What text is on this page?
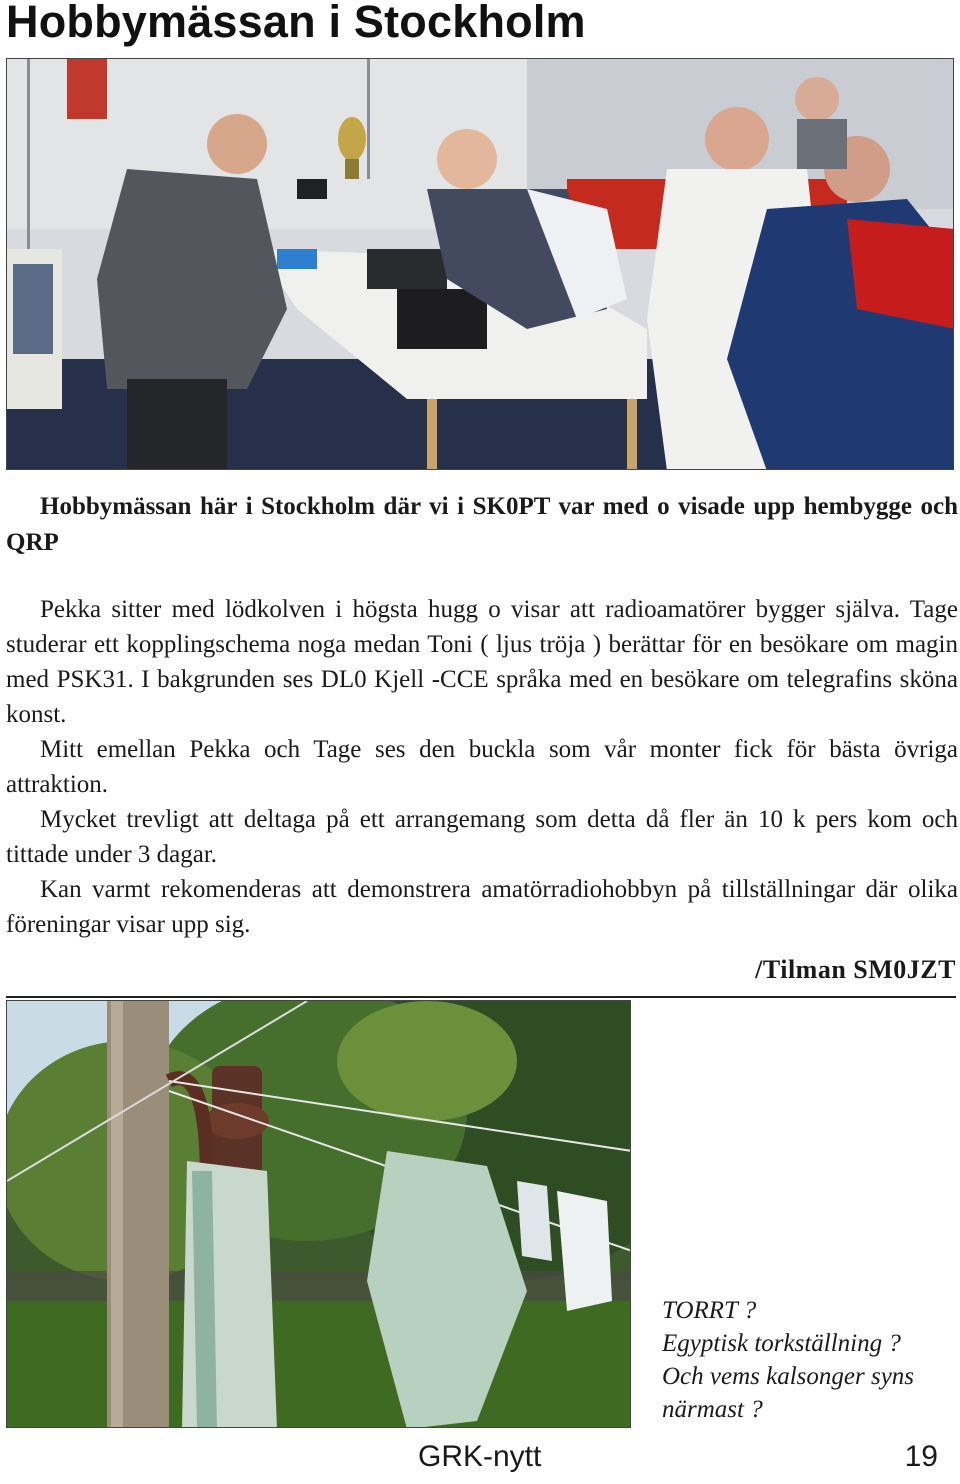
Hobbymässan i Stockholm

Hobbymässan här i Stockholm där vi i SK0PT var med o visade upp hembygge och QRP

Pekka sitter med lödkolven i högsta hugg o visar att radioamatörer bygger själva. Tage studerar ett kopplingschema noga medan Toni ( ljus tröja ) berättar för en besökare om magin med PSK31. I bakgrunden ses DL0 Kjell -CCE språka med en besökare om telegrafins sköna konst.

Mitt emellan Pekka och Tage ses den buckla som vår monter fick för bästa övriga attraktion.

Mycket trevligt att deltaga på ett arrangemang som detta då fler än 10 k pers kom och tittade under 3 dagar.

Kan varmt rekomenderas att demonstrera amatörradiohobbyn på tillställningar där olika föreningar visar upp sig.

/Tilman SM0JZT

TORRT ?
Egyptisk torkställning ?
Och vems kalsonger syns
närmast ?
GRK-nytt	19
